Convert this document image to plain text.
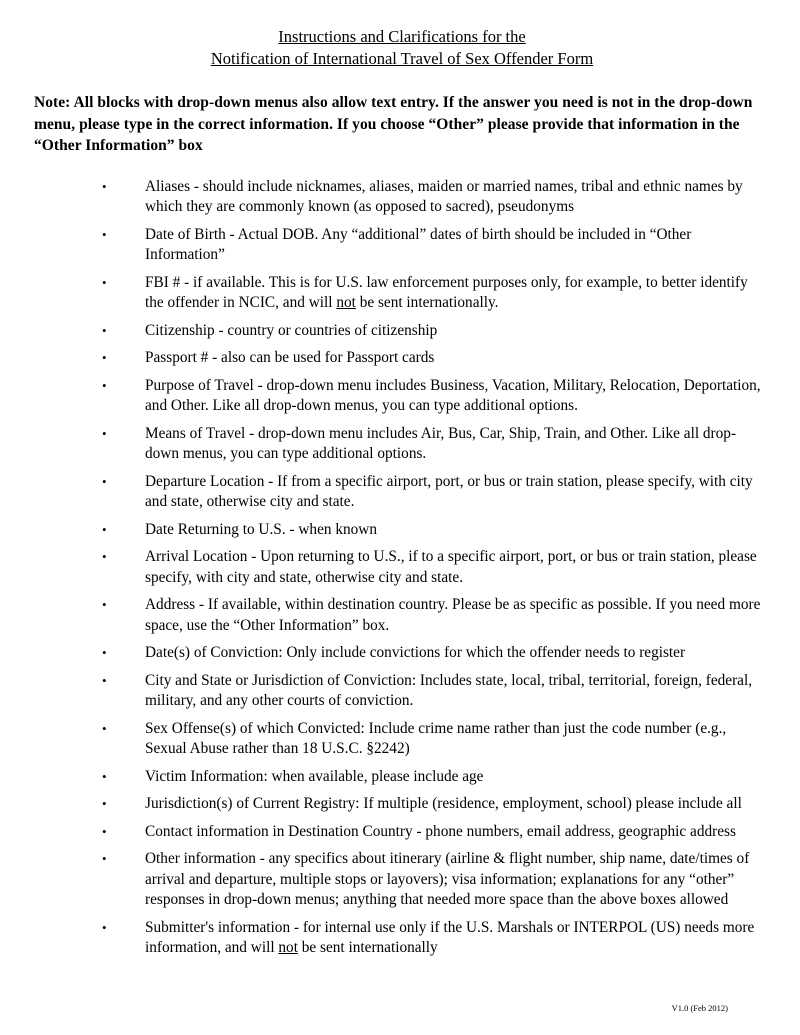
Instructions and Clarifications for the
Notification of International Travel of Sex Offender Form
Note: All blocks with drop-down menus also allow text entry. If the answer you need is not in the drop-down menu, please type in the correct information. If you choose “Other” please provide that information in the “Other Information” box
•	Aliases - should include nicknames, aliases, maiden or married names, tribal and ethnic names by which they are commonly known (as opposed to sacred), pseudonyms
•	Date of Birth - Actual DOB. Any “additional” dates of birth should be included in “Other Information”
•	FBI # - if available. This is for U.S. law enforcement purposes only, for example, to better identify the offender in NCIC, and will not be sent internationally.
•	Citizenship - country or countries of citizenship
•	Passport # - also can be used for Passport cards
•	Purpose of Travel - drop-down menu includes Business, Vacation, Military, Relocation, Deportation, and Other. Like all drop-down menus, you can type additional options.
•	Means of Travel - drop-down menu includes Air, Bus, Car, Ship, Train, and Other. Like all drop-down menus, you can type additional options.
•	Departure Location - If from a specific airport, port, or bus or train station, please specify, with city and state, otherwise city and state.
•	Date Returning to U.S. - when known
•	Arrival Location - Upon returning to U.S., if to a specific airport, port, or bus or train station, please specify, with city and state, otherwise city and state.
•	Address - If available, within destination country. Please be as specific as possible. If you need more space, use the “Other Information” box.
•	Date(s) of Conviction: Only include convictions for which the offender needs to register
•	City and State or Jurisdiction of Conviction: Includes state, local, tribal, territorial, foreign, federal, military, and any other courts of conviction.
•	Sex Offense(s) of which Convicted: Include crime name rather than just the code number (e.g., Sexual Abuse rather than 18 U.S.C. §2242)
•	Victim Information: when available, please include age
•	Jurisdiction(s) of Current Registry: If multiple (residence, employment, school) please include all
•	Contact information in Destination Country - phone numbers, email address, geographic address
•	Other information - any specifics about itinerary (airline & flight number, ship name, date/times of arrival and departure, multiple stops or layovers); visa information; explanations for any “other” responses in drop-down menus; anything that needed more space than the above boxes allowed
•	Submitter's information - for internal use only if the U.S. Marshals or INTERPOL (US) needs more information, and will not be sent internationally
V1.0 (Feb 2012)
